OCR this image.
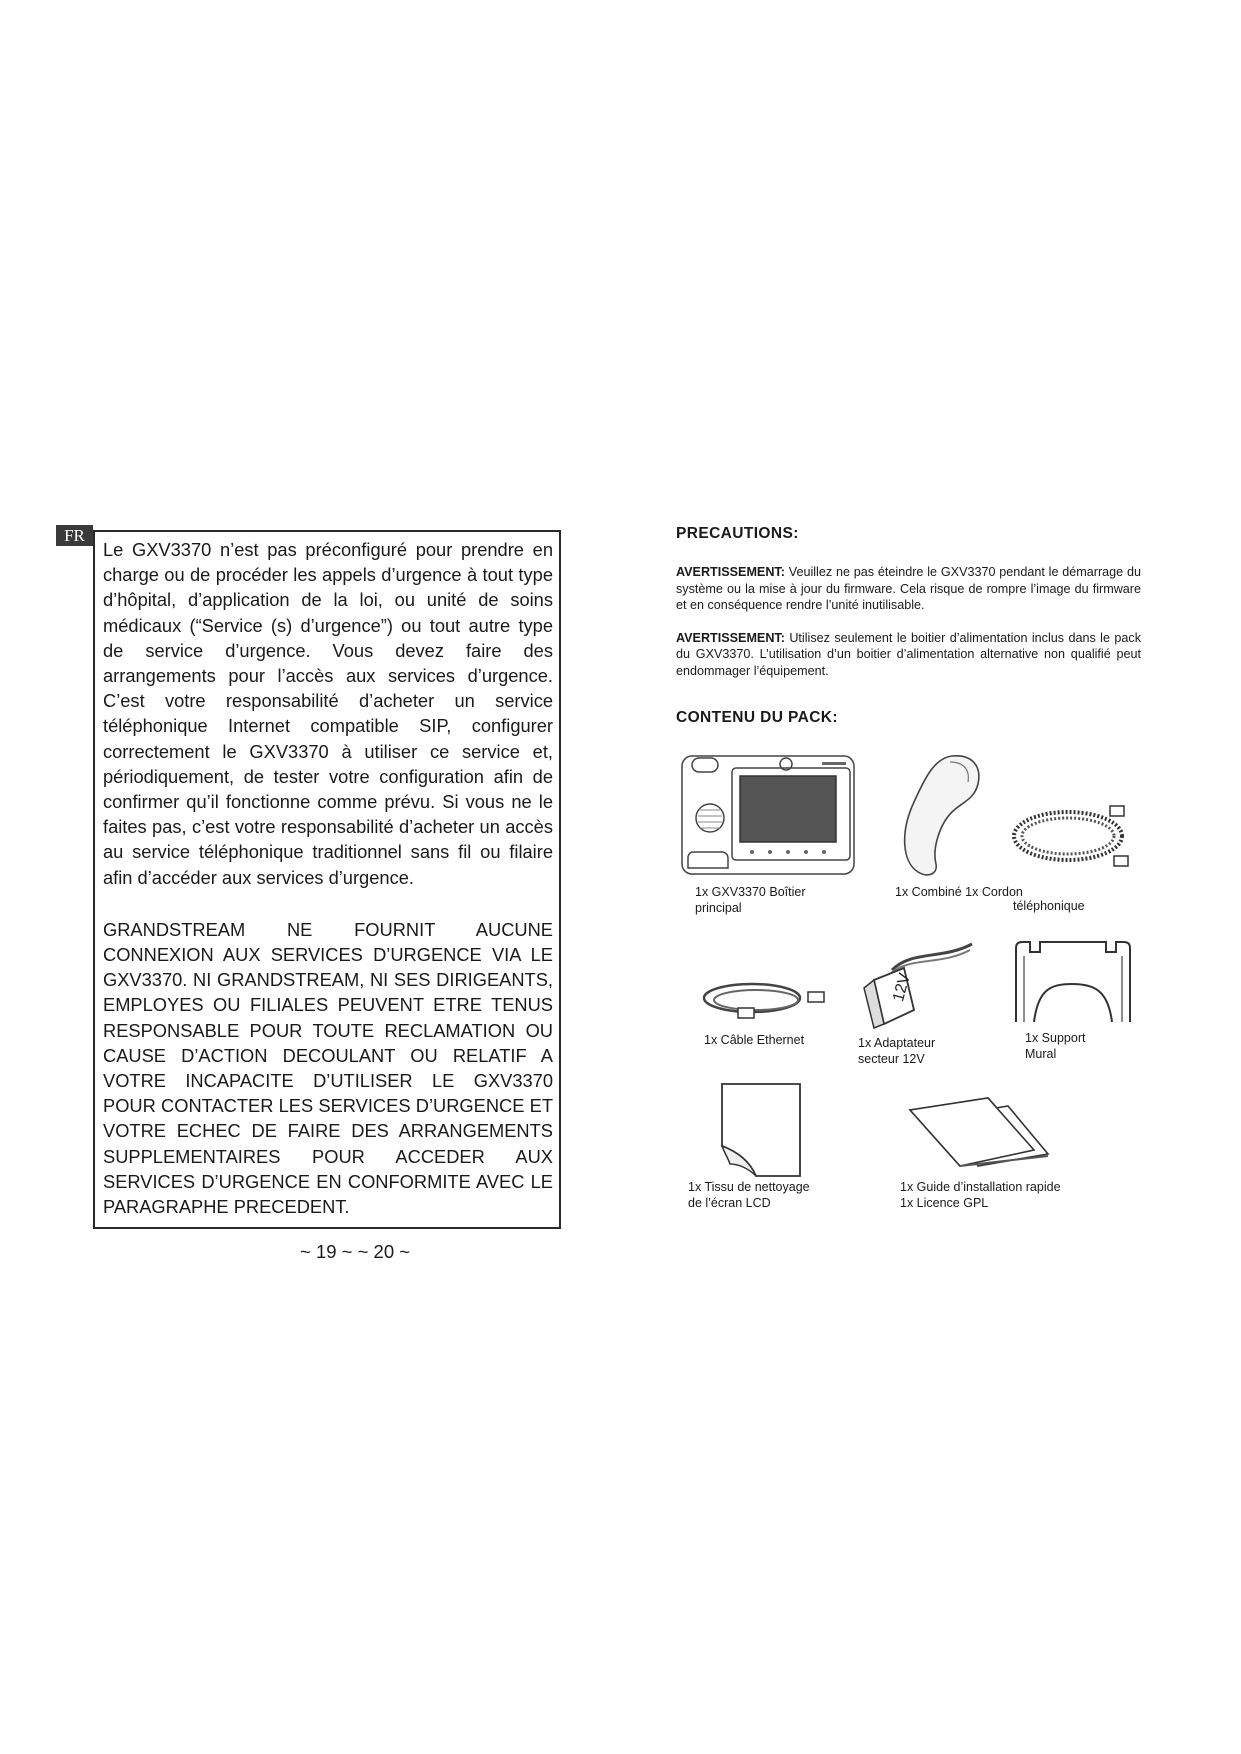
FR

Le GXV3370 n’est pas préconfiguré pour prendre en charge ou de procéder les appels d’urgence à tout type d’hôpital, d’application de la loi, ou unité de soins médicaux (“Service (s) d’urgence”) ou tout autre type de service d’urgence. Vous devez faire des arrangements pour l’accès aux services d’urgence. C’est votre responsabilité d’acheter un service téléphonique Internet compatible SIP, configurer correctement le GXV3370 à utiliser ce service et, périodiquement, de tester votre configuration afin de confirmer qu’il fonctionne comme prévu. Si vous ne le faites pas, c’est votre responsabilité d’acheter un accès au service téléphonique traditionnel sans fil ou filaire afin d’accéder aux services d’urgence.

GRANDSTREAM NE FOURNIT AUCUNE CONNEXION AUX SERVICES D’URGENCE VIA LE GXV3370. NI GRANDSTREAM, NI SES DIRIGEANTS, EMPLOYES OU FILIALES PEUVENT ETRE TENUS RESPONSABLE POUR TOUTE RECLAMATION OU CAUSE D’ACTION DECOULANT OU RELATIF A VOTRE INCAPACITE D’UTILISER LE GXV3370 POUR CONTACTER LES SERVICES D’URGENCE ET VOTRE ECHEC DE FAIRE DES ARRANGEMENTS SUPPLEMENTAIRES POUR ACCEDER AUX SERVICES D’URGENCE EN CONFORMITE AVEC LE PARAGRAPHE PRECEDENT.

~ 19 ~ ~ 20 ~

PRECAUTIONS:

AVERTISSEMENT: Veuillez ne pas éteindre le GXV3370 pendant le démarrage du système ou la mise à jour du firmware. Cela risque de rompre l’image du firmware et en conséquence rendre l’unité inutilisable.

AVERTISSEMENT: Utilisez seulement le boitier d’alimentation inclus dans le pack du GXV3370. L’utilisation d’un boitier d’alimentation alternative non qualifié peut endommager l’équipement.

CONTENU DU PACK:

1x GXV3370 Boîtier
principal
1x Combiné 1x Cordon
téléphonique
1x Câble Ethernet
12V
1x Adaptateur
secteur 12V
1x Support
Mural
1x Tissu de nettoyage
de l’écran LCD
1x Guide d’installation rapide
1x Licence GPL
